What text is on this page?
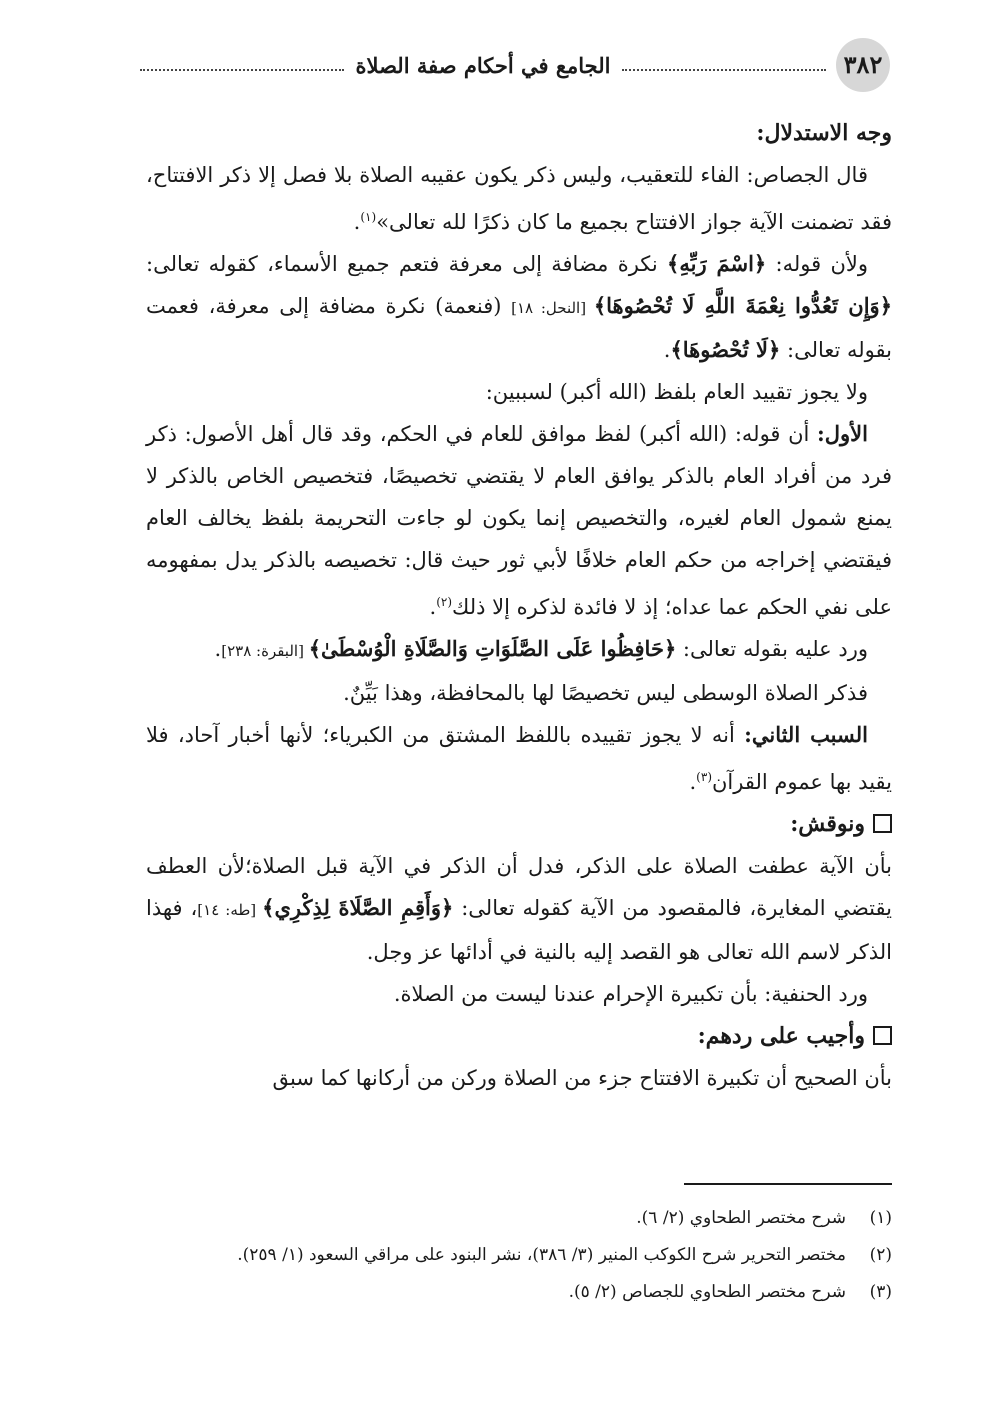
٣٨٢
الجامع في أحكام صفة الصلاة

وجه الاستدلال:

قال الجصاص: الفاء للتعقيب، وليس ذكر يكون عقيبه الصلاة بلا فصل إلا ذكر الافتتاح، فقد تضمنت الآية جواز الافتتاح بجميع ما كان ذكرًا لله تعالى»$^{(١)}$.

ولأن قوله: ﴿اسْمَ رَبِّهِ﴾ نكرة مضافة إلى معرفة فتعم جميع الأسماء، كقوله تعالى: ﴿وَإِن تَعُدُّوا نِعْمَةَ اللَّهِ لَا تُحْصُوهَا﴾ [النحل: ١٨] (فنعمة) نكرة مضافة إلى معرفة، فعمت بقوله تعالى: ﴿لَا تُحْصُوهَا﴾.

ولا يجوز تقييد العام بلفظ (الله أكبر) لسببين:

الأول: أن قوله: (الله أكبر) لفظ موافق للعام في الحكم، وقد قال أهل الأصول: ذكر فرد من أفراد العام بالذكر يوافق العام لا يقتضي تخصيصًا، فتخصيص الخاص بالذكر لا يمنع شمول العام لغيره، والتخصيص إنما يكون لو جاءت التحريمة بلفظ يخالف العام فيقتضي إخراجه من حكم العام خلافًا لأبي ثور حيث قال: تخصيصه بالذكر يدل بمفهومه على نفي الحكم عما عداه؛ إذ لا فائدة لذكره إلا ذلك$^{(٢)}$.

ورد عليه بقوله تعالى: ﴿حَافِظُوا عَلَى الصَّلَوَاتِ وَالصَّلَاةِ الْوُسْطَىٰ﴾ [البقرة: ٢٣٨].

فذكر الصلاة الوسطى ليس تخصيصًا لها بالمحافظة، وهذا بَيِّنٌ.

السبب الثاني: أنه لا يجوز تقييده باللفظ المشتق من الكبرياء؛ لأنها أخبار آحاد، فلا يقيد بها عموم القرآن$^{(٣)}$.

ونوقش:

بأن الآية عطفت الصلاة على الذكر، فدل أن الذكر في الآية قبل الصلاة؛لأن العطف يقتضي المغايرة، فالمقصود من الآية كقوله تعالى: ﴿وَأَقِمِ الصَّلَاةَ لِذِكْرِي﴾ [طه: ١٤]، فهذا الذكر لاسم الله تعالى هو القصد إليه بالنية في أدائها عز وجل.

ورد الحنفية: بأن تكبيرة الإحرام عندنا ليست من الصلاة.

وأجيب على ردهم:

بأن الصحيح أن تكبيرة الافتتاح جزء من الصلاة وركن من أركانها كما سبق

(١)
شرح مختصر الطحاوي (٢/ ٦).
(٢)
مختصر التحرير شرح الكوكب المنير (٣/ ٣٨٦)، نشر البنود على مراقي السعود (١/ ٢٥٩).
(٣)
شرح مختصر الطحاوي للجصاص (٢/ ٥).
